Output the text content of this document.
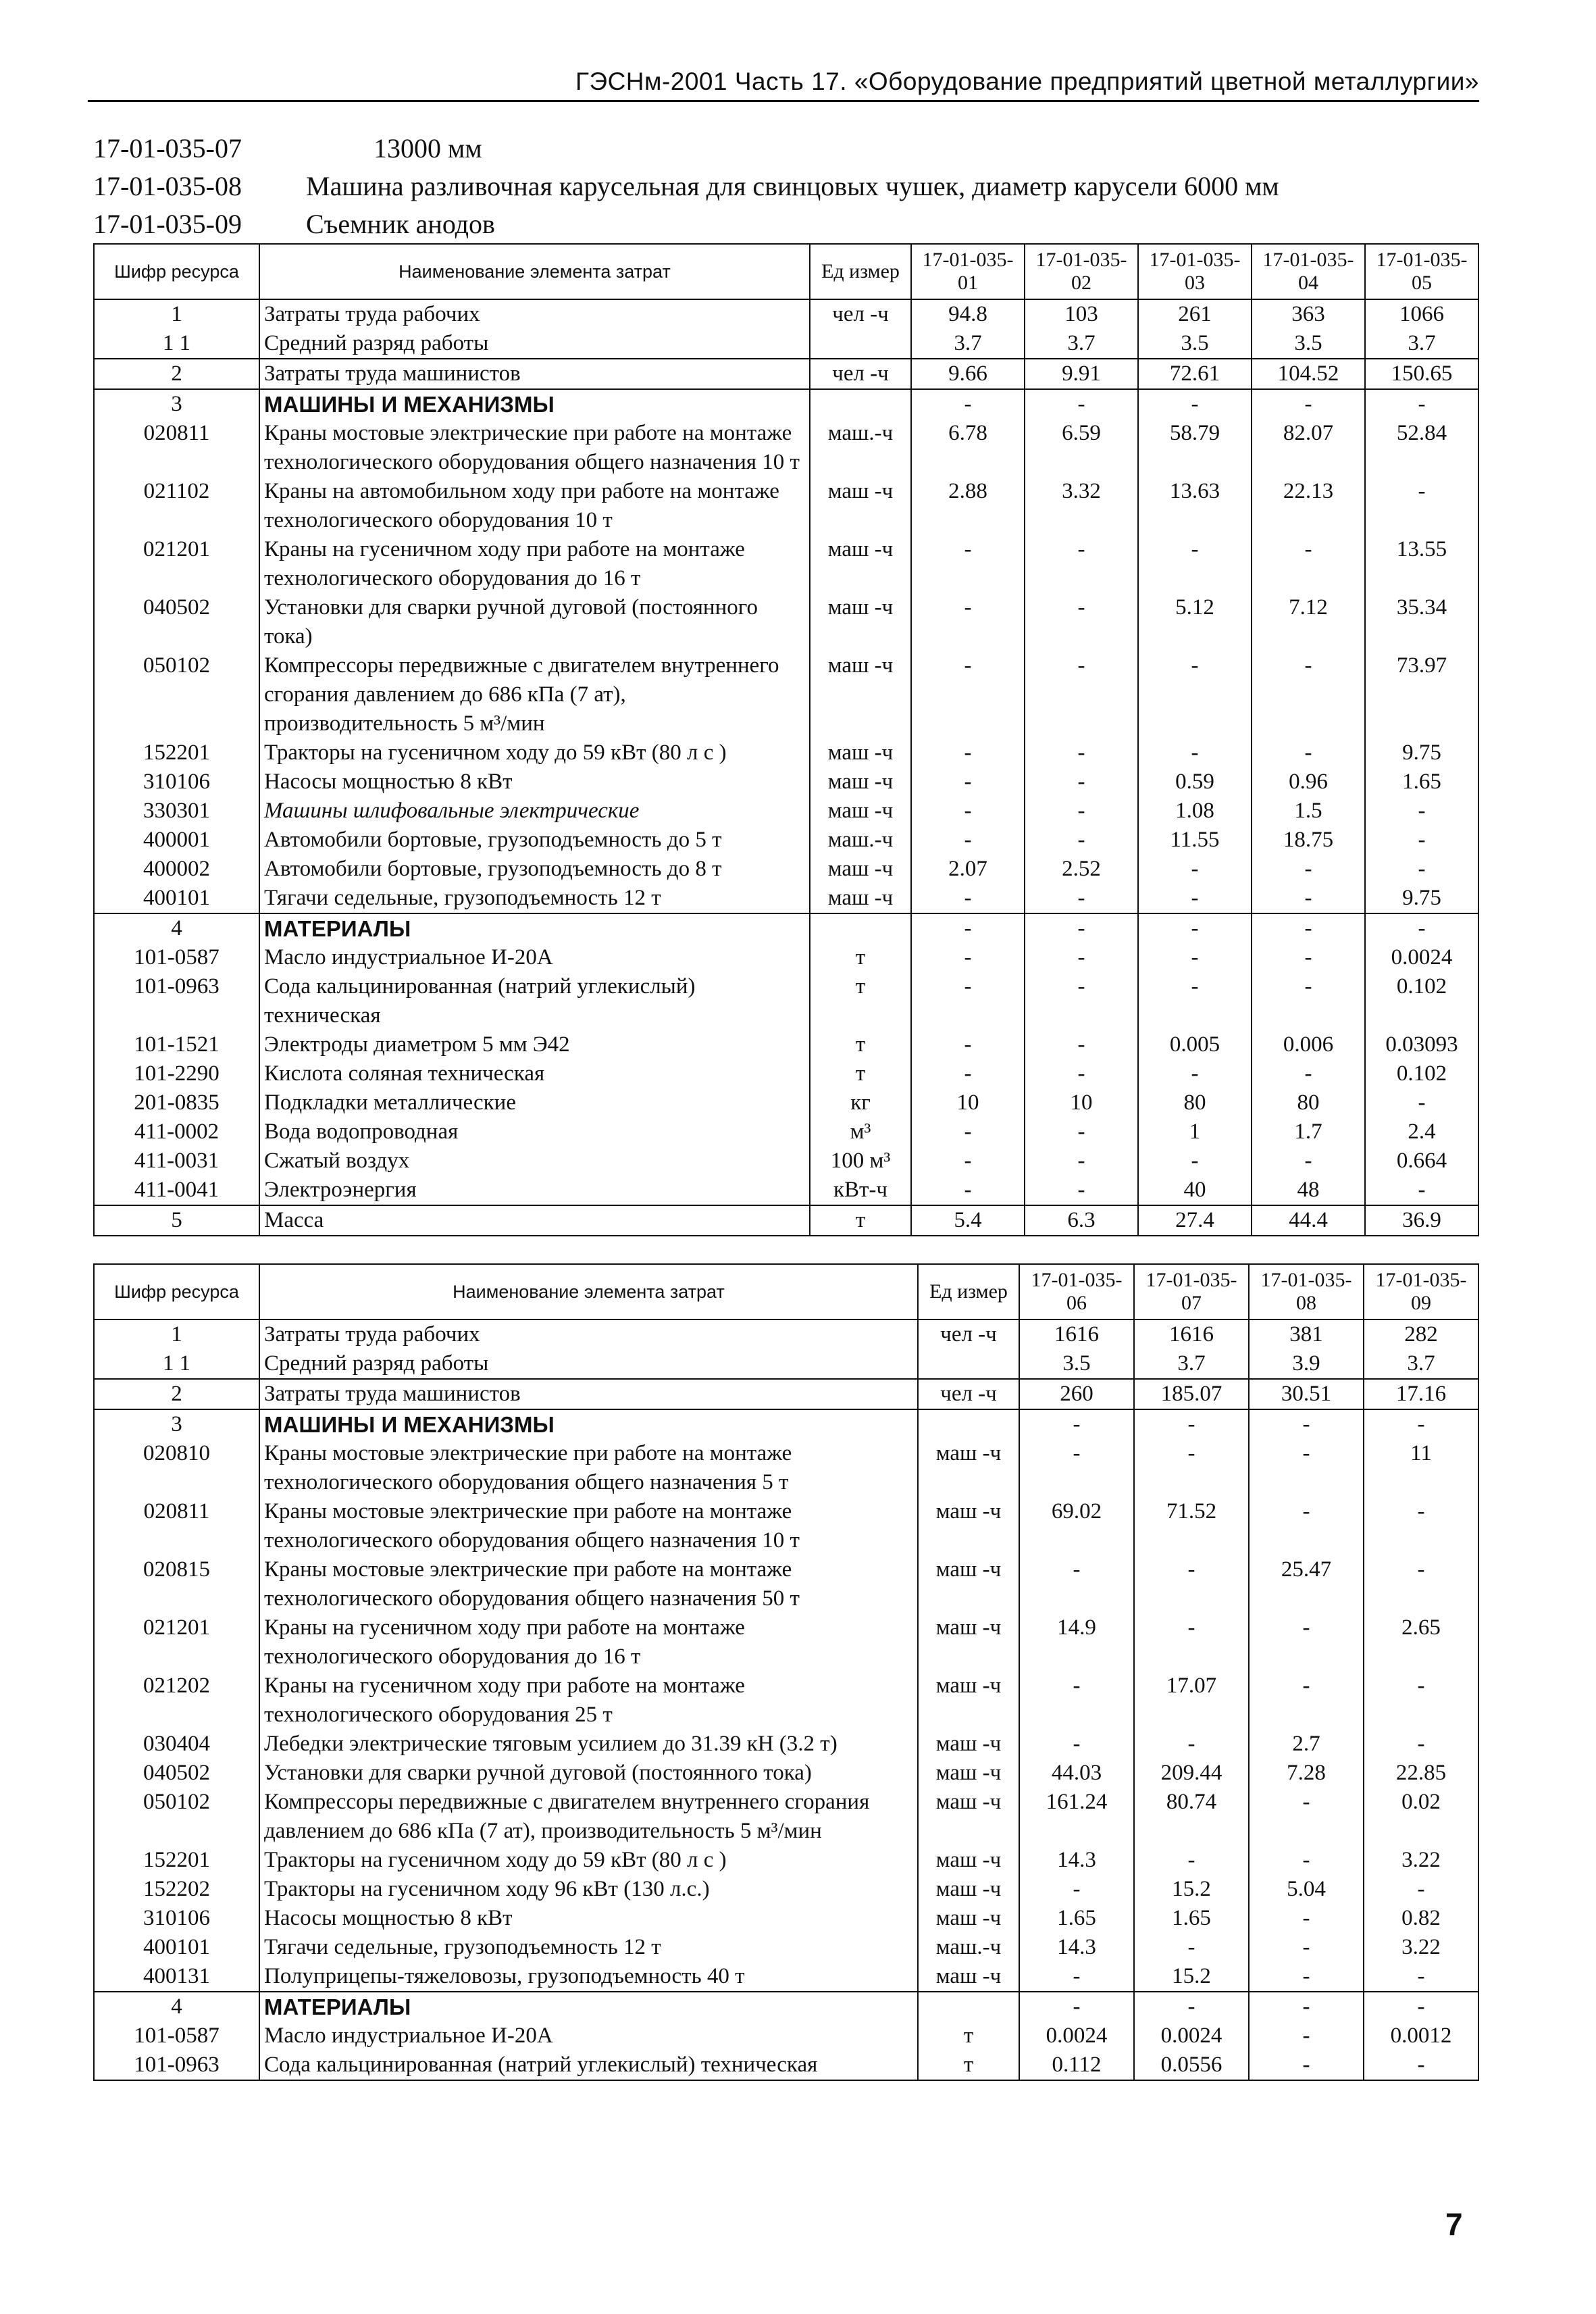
ГЭСНм-2001 Часть 17. «Оборудование предприятий цветной металлургии»
17-01-035-07	13000 мм
17-01-035-08	Машина разливочная карусельная для свинцовых чушек, диаметр карусели 6000 мм
17-01-035-09	Съемник анодов
Шифр ресурса	Наименование элемента затрат	Ед измер	17-01-035-01	17-01-035-02	17-01-035-03	17-01-035-04	17-01-035-05
1	Затраты труда рабочих	чел -ч	94.8	103	261	363	1066
1 1	Средний разряд работы		3.7	3.7	3.5	3.5	3.7
2	Затраты труда машинистов	чел -ч	9.66	9.91	72.61	104.52	150.65
3	МАШИНЫ И МЕХАНИЗМЫ		-	-	-	-	-
020811	Краны мостовые электрические при работе на монтаже технологического оборудования общего назначения 10 т	маш.-ч	6.78	6.59	58.79	82.07	52.84
021102	Краны на автомобильном ходу при работе на монтаже технологического оборудования 10 т	маш -ч	2.88	3.32	13.63	22.13	-
021201	Краны на гусеничном ходу при работе на монтаже технологического оборудования до 16 т	маш -ч	-	-	-	-	13.55
040502	Установки для сварки ручной дуговой (постоянного тока)	маш -ч	-	-	5.12	7.12	35.34
050102	Компрессоры передвижные с двигателем внутреннего сгорания давлением до 686 кПа (7 ат), производительность 5 м³/мин	маш -ч	-	-	-	-	73.97
152201	Тракторы на гусеничном ходу до 59 кВт (80 л с )	маш -ч	-	-	-	-	9.75
310106	Насосы мощностью 8 кВт	маш -ч	-	-	0.59	0.96	1.65
330301	Машины шлифовальные электрические	маш -ч	-	-	1.08	1.5	-
400001	Автомобили бортовые, грузоподъемность до 5 т	маш.-ч	-	-	11.55	18.75	-
400002	Автомобили бортовые, грузоподъемность до 8 т	маш -ч	2.07	2.52	-	-	-
400101	Тягачи седельные, грузоподъемность 12 т	маш -ч	-	-	-	-	9.75
4	МАТЕРИАЛЫ		-	-	-	-	-
101-0587	Масло индустриальное И-20А	т	-	-	-	-	0.0024
101-0963	Сода кальцинированная (натрий углекислый) техническая	т	-	-	-	-	0.102
101-1521	Электроды диаметром 5 мм Э42	т	-	-	0.005	0.006	0.03093
101-2290	Кислота соляная техническая	т	-	-	-	-	0.102
201-0835	Подкладки металлические	кг	10	10	80	80	-
411-0002	Вода водопроводная	м³	-	-	1	1.7	2.4
411-0031	Сжатый воздух	100 м³	-	-	-	-	0.664
411-0041	Электроэнергия	кВт-ч	-	-	40	48	-
5	Масса	т	5.4	6.3	27.4	44.4	36.9
Шифр ресурса	Наименование элемента затрат	Ед измер	17-01-035-06	17-01-035-07	17-01-035-08	17-01-035-09
1	Затраты труда рабочих	чел -ч	1616	1616	381	282
1 1	Средний разряд работы		3.5	3.7	3.9	3.7
2	Затраты труда машинистов	чел -ч	260	185.07	30.51	17.16
3	МАШИНЫ И МЕХАНИЗМЫ		-	-	-	-
020810	Краны мостовые электрические при работе на монтаже технологического оборудования общего назначения 5 т	маш -ч	-	-	-	11
020811	Краны мостовые электрические при работе на монтаже технологического оборудования общего назначения 10 т	маш -ч	69.02	71.52	-	-
020815	Краны мостовые электрические при работе на монтаже технологического оборудования общего назначения 50 т	маш -ч	-	-	25.47	-
021201	Краны на гусеничном ходу при работе на монтаже технологического оборудования до 16 т	маш -ч	14.9	-	-	2.65
021202	Краны на гусеничном ходу при работе на монтаже технологического оборудования 25 т	маш -ч	-	17.07	-	-
030404	Лебедки электрические тяговым усилием до 31.39 кН (3.2 т)	маш -ч	-	-	2.7	-
040502	Установки для сварки ручной дуговой (постоянного тока)	маш -ч	44.03	209.44	7.28	22.85
050102	Компрессоры передвижные с двигателем внутреннего сгорания давлением до 686 кПа (7 ат), производительность 5 м³/мин	маш -ч	161.24	80.74	-	0.02
152201	Тракторы на гусеничном ходу до 59 кВт (80 л с )	маш -ч	14.3	-	-	3.22
152202	Тракторы на гусеничном ходу 96 кВт (130 л.с.)	маш -ч	-	15.2	5.04	-
310106	Насосы мощностью 8 кВт	маш -ч	1.65	1.65	-	0.82
400101	Тягачи седельные, грузоподъемность 12 т	маш.-ч	14.3	-	-	3.22
400131	Полуприцепы-тяжеловозы, грузоподъемность 40 т	маш -ч	-	15.2	-	-
4	МАТЕРИАЛЫ		-	-	-	-
101-0587	Масло индустриальное И-20А	т	0.0024	0.0024	-	0.0012
101-0963	Сода кальцинированная (натрий углекислый) техническая	т	0.112	0.0556	-	-
7
